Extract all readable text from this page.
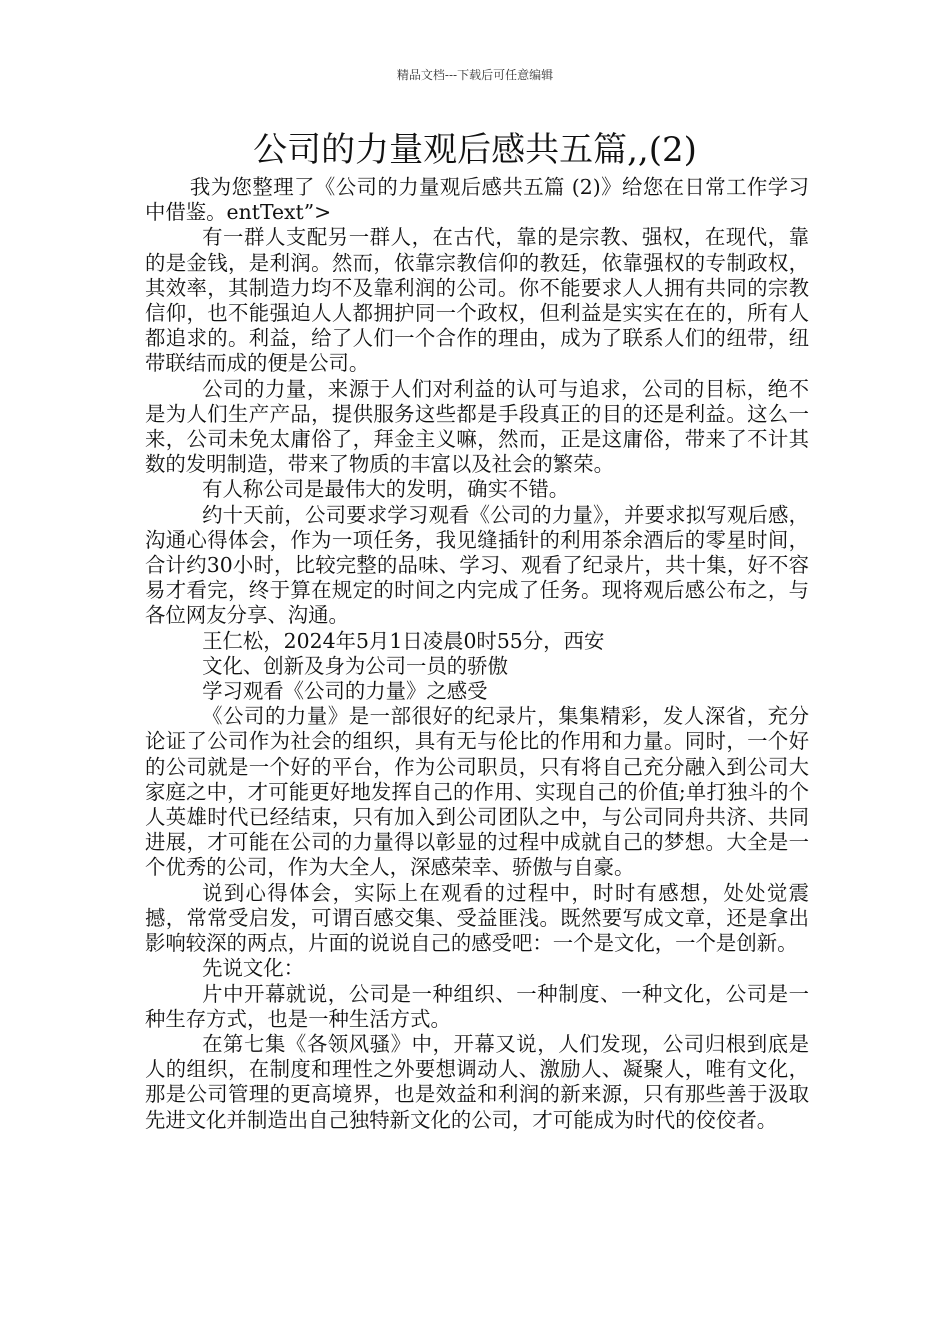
精品文档---下载后可任意编辑
公司的力量观后感共五篇,,(2)

我为您整理了《公司的力量观后感共五篇 (2)》给您在日常工作学习中借鉴。entText”>

有一群人支配另一群人，在古代，靠的是宗教、强权，在现代，靠的是金钱，是利润。然而，依靠宗教信仰的教廷，依靠强权的专制政权，其效率，其制造力均不及靠利润的公司。你不能要求人人拥有共同的宗教信仰，也不能强迫人人都拥护同一个政权，但利益是实实在在的，所有人都追求的。利益，给了人们一个合作的理由，成为了联系人们的纽带，纽带联结而成的便是公司。

公司的力量，来源于人们对利益的认可与追求，公司的目标，绝不是为人们生产产品，提供服务这些都是手段真正的目的还是利益。这么一来，公司未免太庸俗了，拜金主义嘛，然而，正是这庸俗，带来了不计其数的发明制造，带来了物质的丰富以及社会的繁荣。

有人称公司是最伟大的发明，确实不错。

约十天前，公司要求学习观看《公司的力量》，并要求拟写观后感，沟通心得体会，作为一项任务，我见缝插针的利用茶余酒后的零星时间，合计约30小时，比较完整的品味、学习、观看了纪录片，共十集，好不容易才看完，终于算在规定的时间之内完成了任务。现将观后感公布之，与各位网友分享、沟通。

王仁松，2024年5月1日凌晨0时55分，西安

文化、创新及身为公司一员的骄傲

学习观看《公司的力量》之感受

《公司的力量》是一部很好的纪录片，集集精彩，发人深省，充分论证了公司作为社会的组织，具有无与伦比的作用和力量。同时，一个好的公司就是一个好的平台，作为公司职员，只有将自己充分融入到公司大家庭之中，才可能更好地发挥自己的作用、实现自己的价值;单打独斗的个人英雄时代已经结束，只有加入到公司团队之中，与公司同舟共济、共同进展，才可能在公司的力量得以彰显的过程中成就自己的梦想。大全是一个优秀的公司，作为大全人，深感荣幸、骄傲与自豪。

说到心得体会，实际上在观看的过程中，时时有感想，处处觉震撼，常常受启发，可谓百感交集、受益匪浅。既然要写成文章，还是拿出影响较深的两点，片面的说说自己的感受吧：一个是文化，一个是创新。

先说文化：

片中开幕就说，公司是一种组织、一种制度、一种文化，公司是一种生存方式，也是一种生活方式。

在第七集《各领风骚》中，开幕又说，人们发现，公司归根到底是人的组织，在制度和理性之外要想调动人、激励人、凝聚人，唯有文化，那是公司管理的更高境界，也是效益和利润的新来源，只有那些善于汲取先进文化并制造出自己独特新文化的公司，才可能成为时代的佼佼者。
